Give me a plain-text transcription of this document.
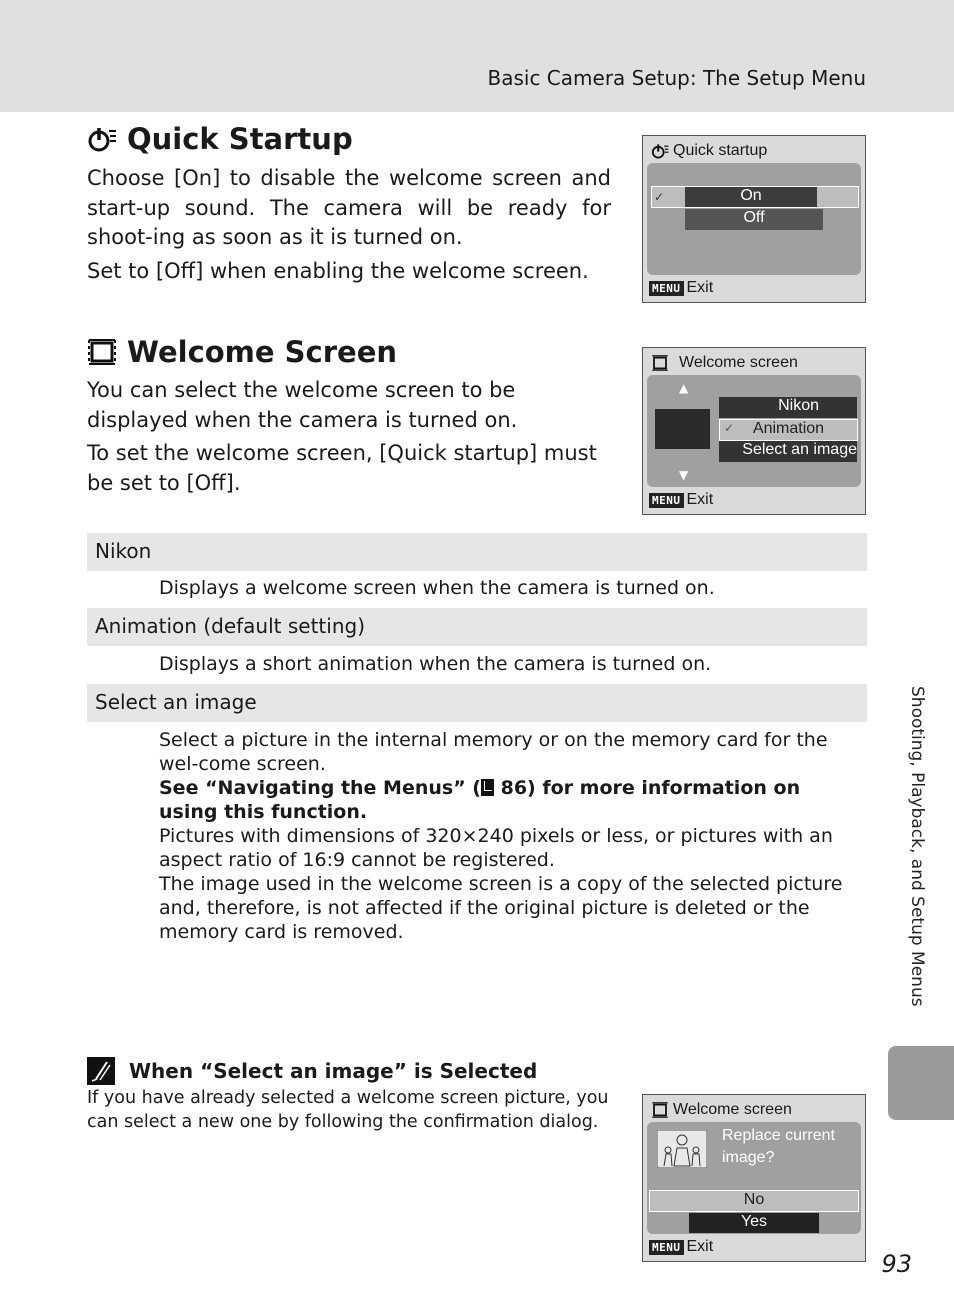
Basic Camera Setup: The Setup Menu
Quick Startup

Choose [On] to disable the welcome screen and start-up sound. The camera will be ready for shoot-ing as soon as it is turned on.

Set to [Off] when enabling the welcome screen.

Quick startup
✓	On
Off
MENU Exit
Welcome Screen

You can select the welcome screen to be displayed when the camera is turned on.

To set the welcome screen, [Quick startup] must be set to [Off].

Welcome screen
▲
▼
Nikon
✓ Animation
Select an image
MENU Exit
Nikon

Displays a welcome screen when the camera is turned on.

Animation (default setting)

Displays a short animation when the camera is turned on.

Select an image
Select a picture in the internal memory or on the memory card for the wel-come screen.
See “Navigating the Menus” (
86) for more information on using this function.
Pictures with dimensions of 320×240 pixels or less, or pictures with an aspect ratio of 16:9 cannot be registered.
The image used in the welcome screen is a copy of the selected picture and, therefore, is not affected if the original picture is deleted or the memory card is removed.
When “Select an image” is Selected

If you have already selected a welcome screen picture, you can select a new one by following the confirmation dialog.

Welcome screen
Replace current image?
No
Yes
MENU Exit
Shooting, Playback, and Setup Menus
93
